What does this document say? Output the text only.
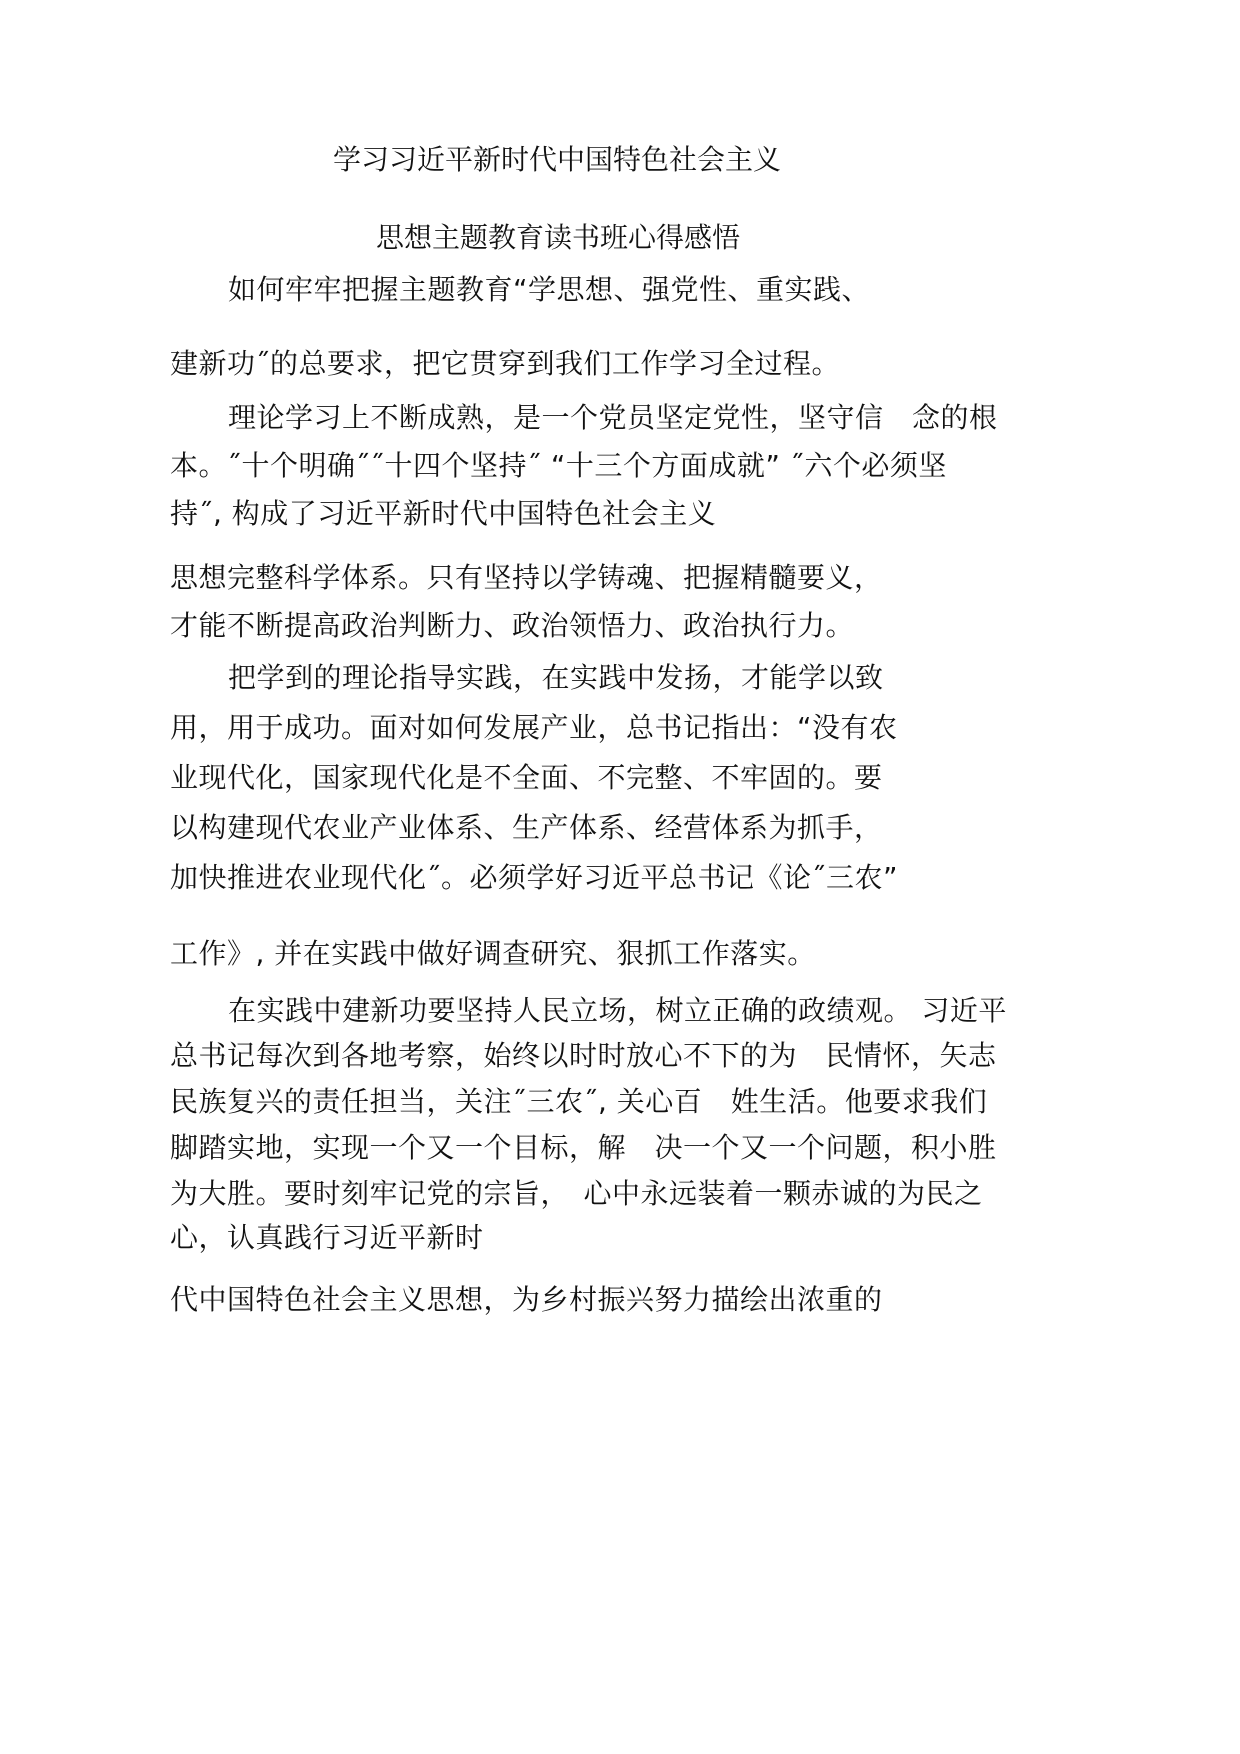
学习习近平新时代中国特色社会主义
思想主题教育读书班心得感悟
如何牢牢把握主题教育“学思想、强党性、重实践、
建新功˝的总要求，把它贯穿到我们工作学习全过程。
理论学习上不断成熟，是一个党员坚定党性，坚守信　念的根
本。˝十个明确˝˝十四个坚持˝ “十三个方面成就” ˝六个必须坚
持˝, 构成了习近平新时代中国特色社会主义
思想完整科学体系。只有坚持以学铸魂、把握精髓要义，
才能不断提高政治判断力、政治领悟力、政治执行力。
把学到的理论指导实践，在实践中发扬，才能学以致
用，用于成功。面对如何发展产业，总书记指出：“没有农
业现代化，国家现代化是不全面、不完整、不牢固的。要
以构建现代农业产业体系、生产体系、经营体系为抓手，
加快推进农业现代化˝。必须学好习近平总书记《论˝三农”
工作》, 并在实践中做好调查研究、狠抓工作落实。
在实践中建新功要坚持人民立场，树立正确的政绩观。 习近平
总书记每次到各地考察，始终以时时放心不下的为　民情怀，矢志
民族复兴的责任担当，关注˝三农˝, 关心百　姓生活。他要求我们
脚踏实地，实现一个又一个目标，解　决一个又一个问题，积小胜
为大胜。要时刻牢记党的宗旨，　心中永远装着一颗赤诚的为民之
心，认真践行习近平新时
代中国特色社会主义思想，为乡村振兴努力描绘出浓重的
